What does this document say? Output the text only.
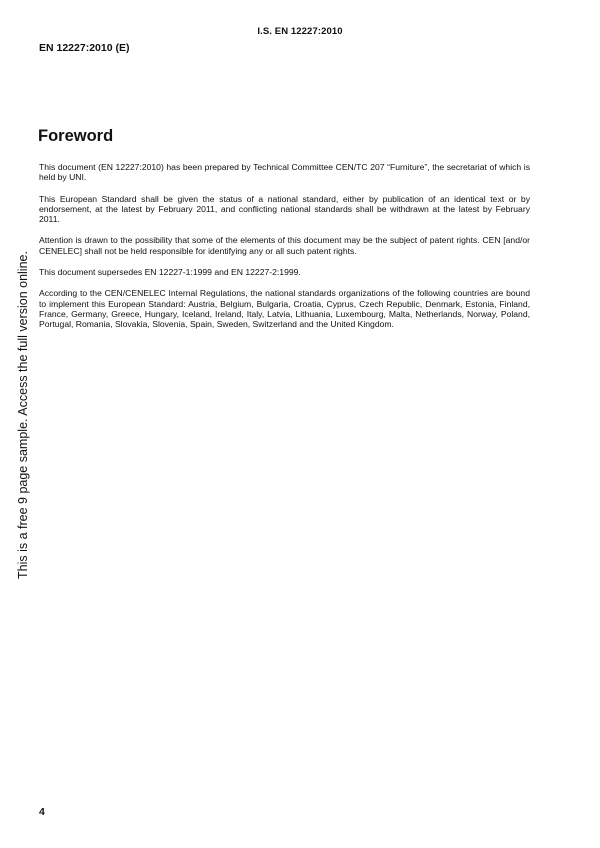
I.S. EN 12227:2010
EN 12227:2010 (E)
Foreword

This document (EN 12227:2010) has been prepared by Technical Committee CEN/TC 207 “Furniture”, the secretariat of which is held by UNI.

This European Standard shall be given the status of a national standard, either by publication of an identical text or by endorsement, at the latest by February 2011, and conflicting national standards shall be withdrawn at the latest by February 2011.

Attention is drawn to the possibility that some of the elements of this document may be the subject of patent rights. CEN [and/or CENELEC] shall not be held responsible for identifying any or all such patent rights.

This document supersedes EN 12227-1:1999 and EN 12227-2:1999.

According to the CEN/CENELEC Internal Regulations, the national standards organizations of the following countries are bound to implement this European Standard: Austria, Belgium, Bulgaria, Croatia, Cyprus, Czech Republic, Denmark, Estonia, Finland, France, Germany, Greece, Hungary, Iceland, Ireland, Italy, Latvia, Lithuania, Luxembourg, Malta, Netherlands, Norway, Poland, Portugal, Romania, Slovakia, Slovenia, Spain, Sweden, Switzerland and the United Kingdom.

This is a free 9 page sample. Access the full version online.
4
